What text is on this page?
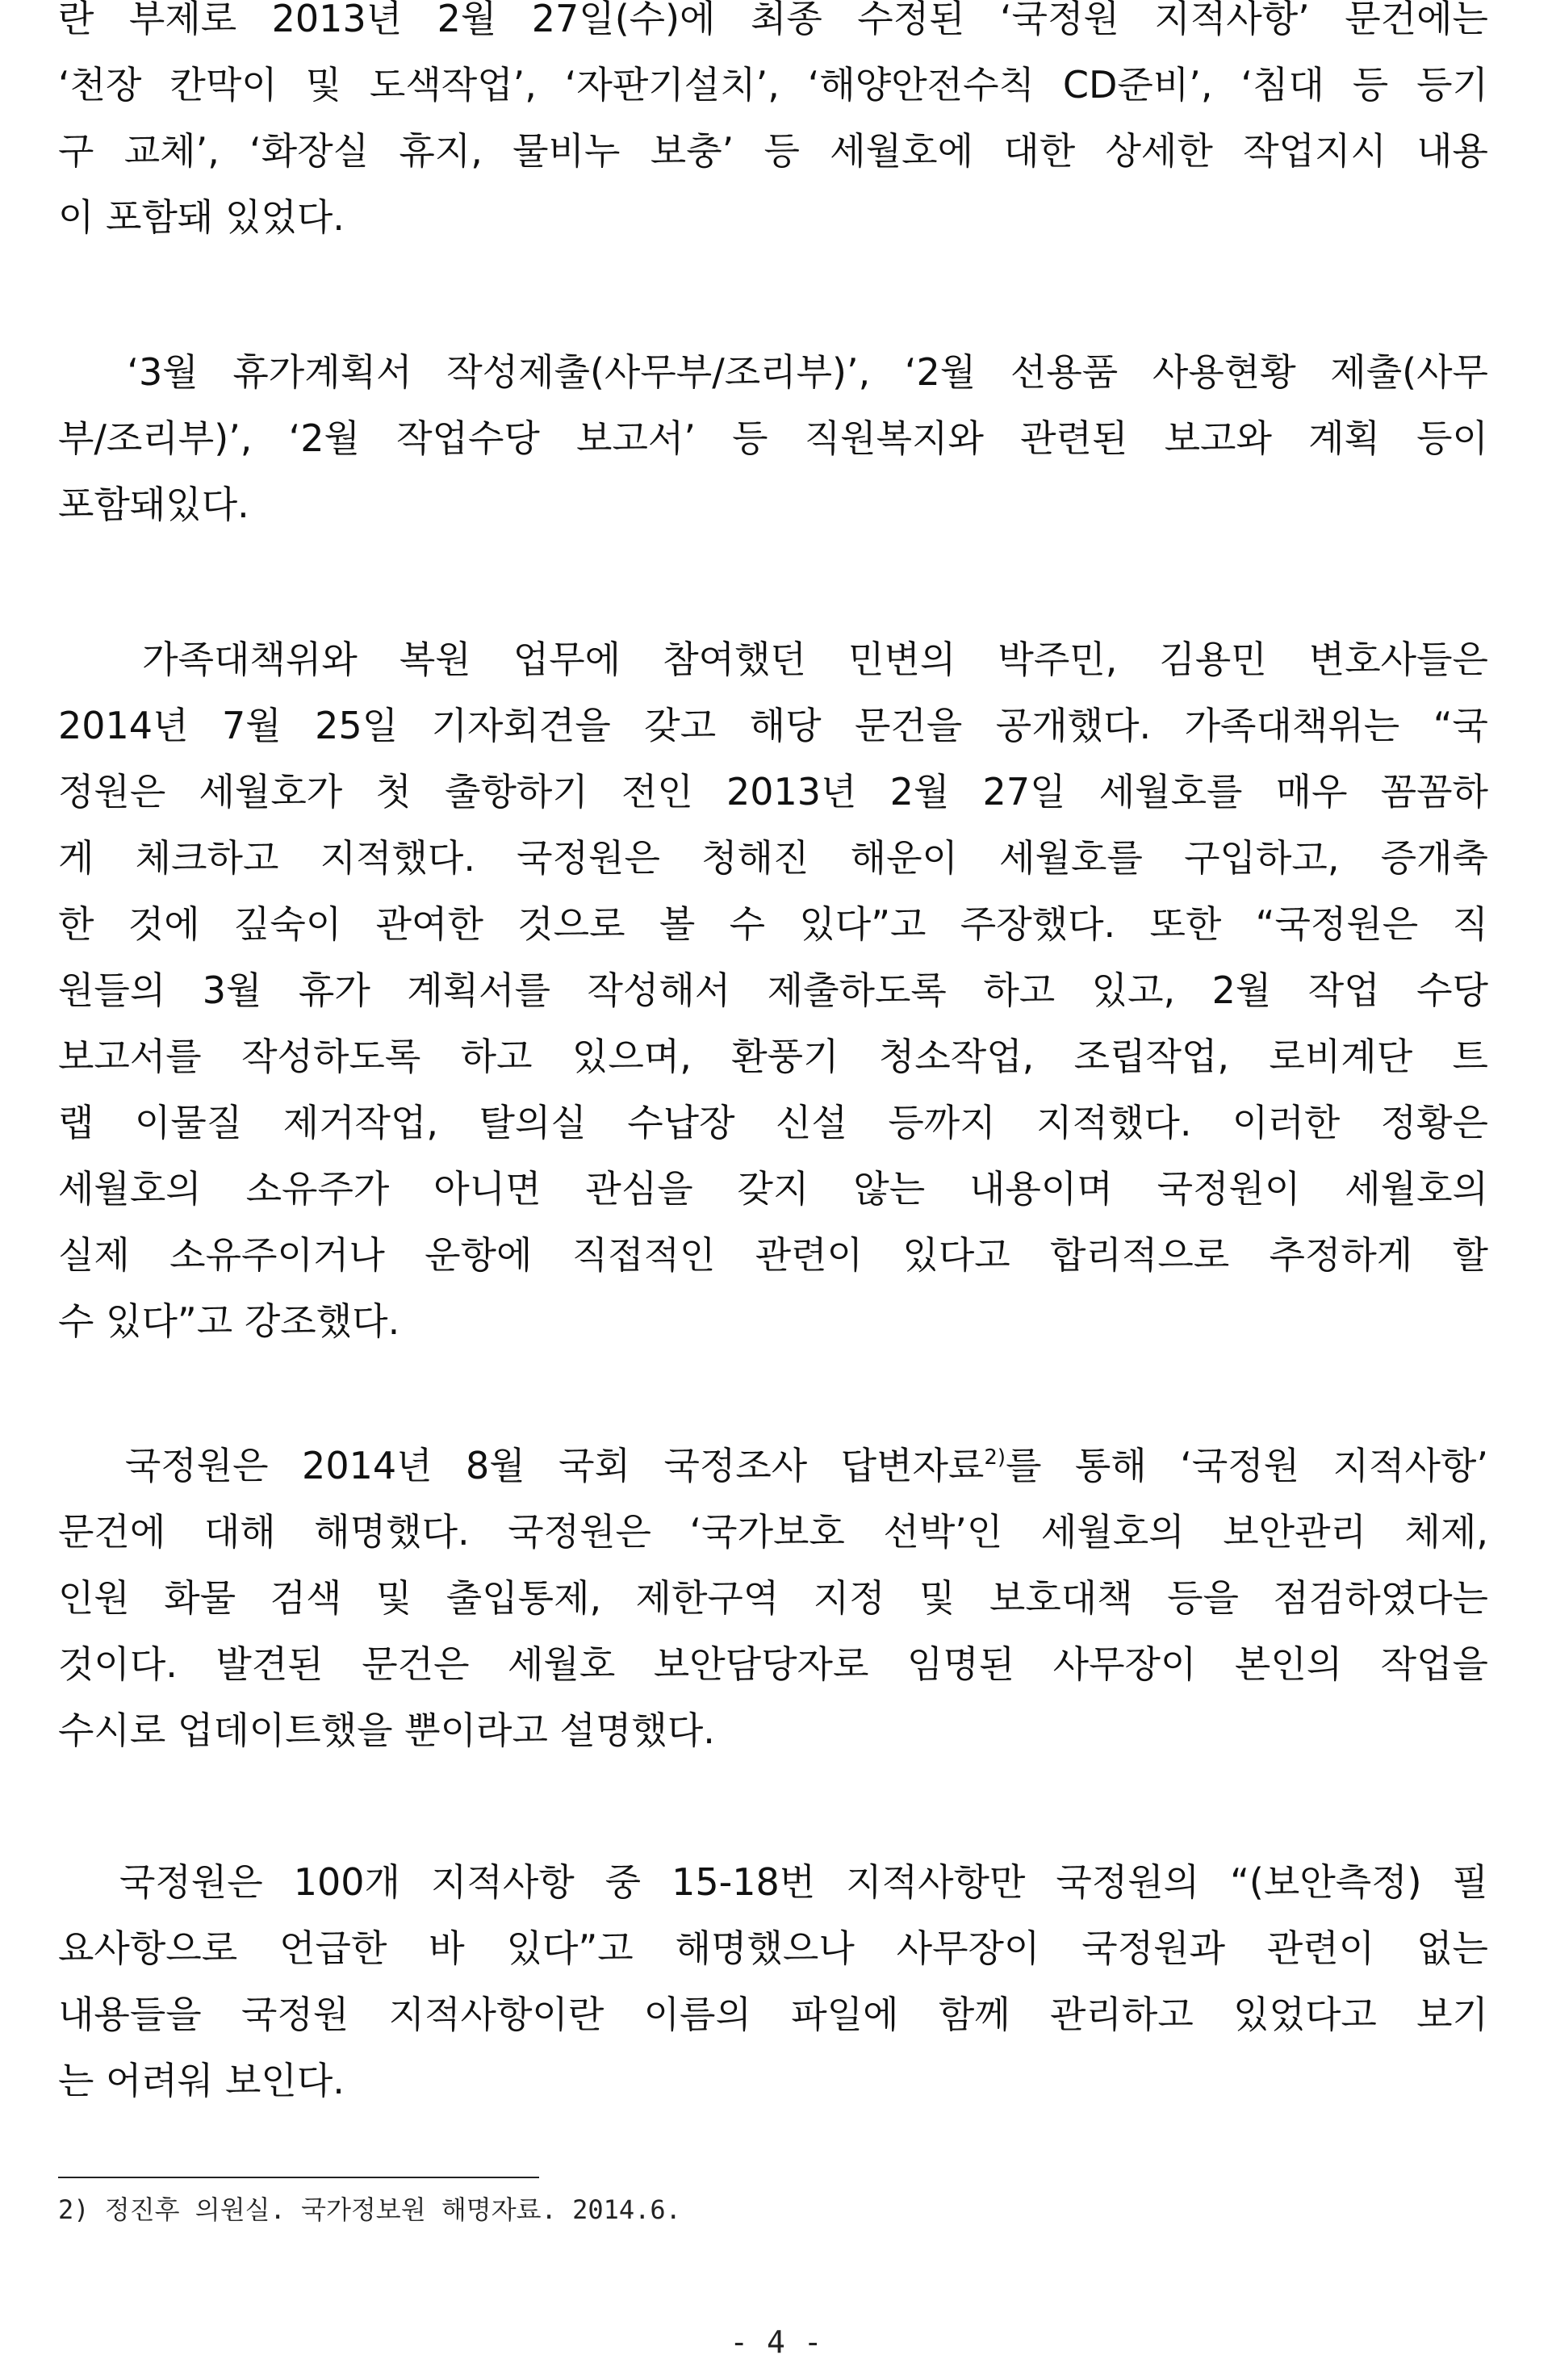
란 부제로 2013년 2월 27일(수)에 최종 수정된 ‘국정원 지적사항’ 문건에는
‘천장 칸막이 및 도색작업’, ‘자판기설치’, ‘해양안전수칙 CD준비’, ‘침대 등 등기
구 교체’, ‘화장실 휴지, 물비누 보충’ 등 세월호에 대한 상세한 작업지시 내용
이 포함돼 있었다.
‘3월 휴가계획서 작성제출(사무부/조리부)’, ‘2월 선용품 사용현황 제출(사무
부/조리부)’, ‘2월 작업수당 보고서’ 등 직원복지와 관련된 보고와 계획 등이
포함돼있다.
가족대책위와 복원 업무에 참여했던 민변의 박주민, 김용민 변호사들은
2014년 7월 25일 기자회견을 갖고 해당 문건을 공개했다. 가족대책위는 “국
정원은 세월호가 첫 출항하기 전인 2013년 2월 27일 세월호를 매우 꼼꼼하
게 체크하고 지적했다. 국정원은 청해진 해운이 세월호를 구입하고, 증개축
한 것에 깊숙이 관여한 것으로 볼 수 있다”고 주장했다. 또한 “국정원은 직
원들의 3월 휴가 계획서를 작성해서 제출하도록 하고 있고, 2월 작업 수당
보고서를 작성하도록 하고 있으며, 환풍기 청소작업, 조립작업, 로비계단 트
랩 이물질 제거작업, 탈의실 수납장 신설 등까지 지적했다. 이러한 정황은
세월호의 소유주가 아니면 관심을 갖지 않는 내용이며 국정원이 세월호의
실제 소유주이거나 운항에 직접적인 관련이 있다고 합리적으로 추정하게 할
수 있다”고 강조했다.
국정원은 2014년 8월 국회 국정조사 답변자료$^{2)}$를 통해 ‘국정원 지적사항’
문건에 대해 해명했다. 국정원은 ‘국가보호 선박’인 세월호의 보안관리 체제,
인원 화물 검색 및 출입통제, 제한구역 지정 및 보호대책 등을 점검하였다는
것이다. 발견된 문건은 세월호 보안담당자로 임명된 사무장이 본인의 작업을
수시로 업데이트했을 뿐이라고 설명했다.
국정원은 100개 지적사항 중 15-18번 지적사항만 국정원의 “(보안측정) 필
요사항으로 언급한 바 있다”고 해명했으나 사무장이 국정원과 관련이 없는
내용들을 국정원 지적사항이란 이름의 파일에 함께 관리하고 있었다고 보기
는 어려워 보인다.
2) 정진후 의원실. 국가정보원 해명자료. 2014.6.
- 4 -
